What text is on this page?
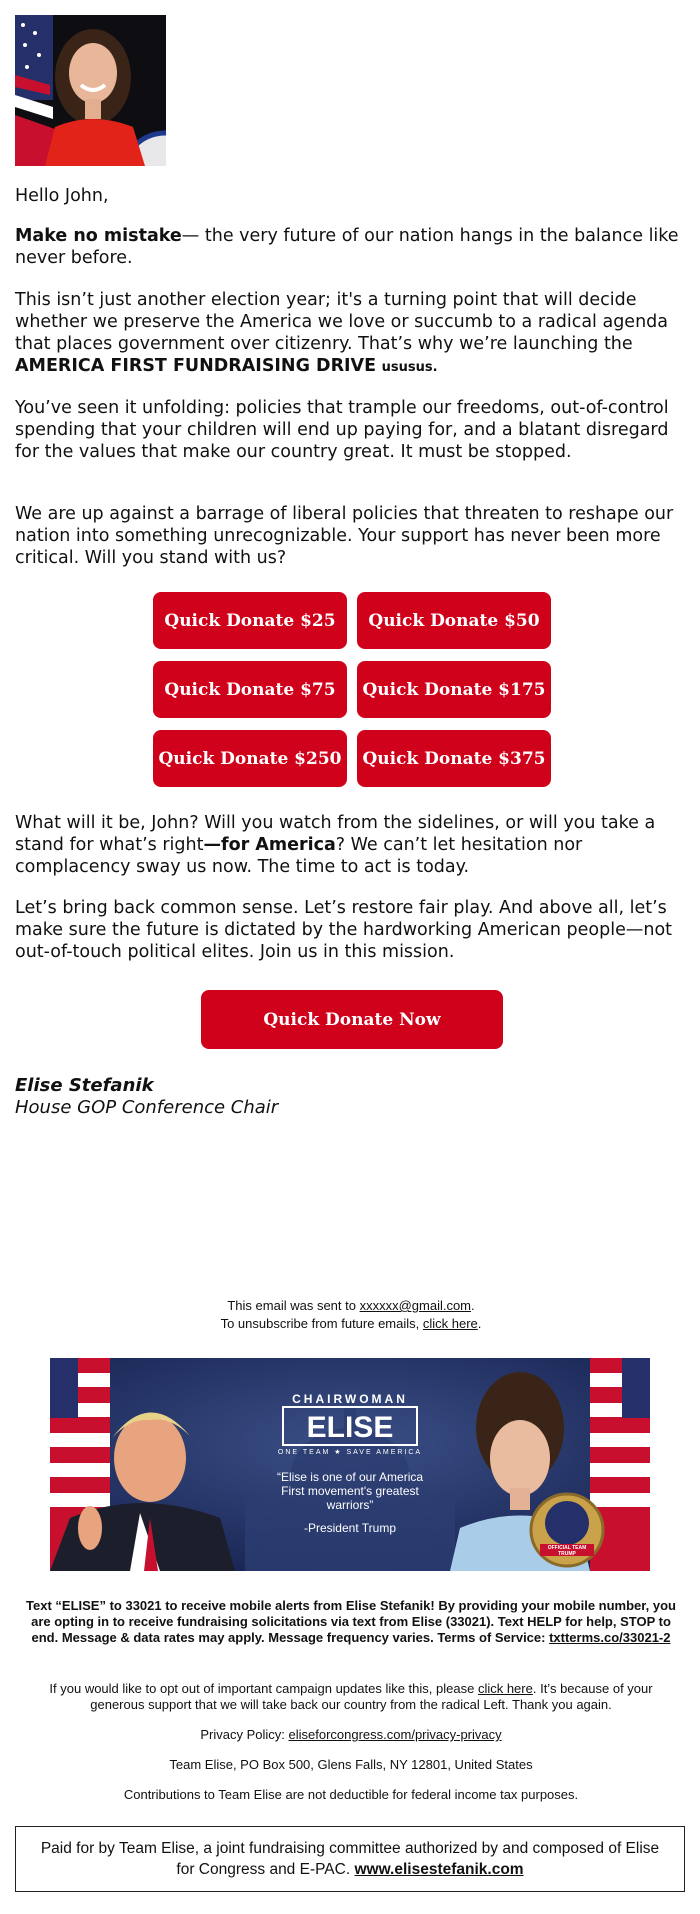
Hello John,
Make no mistake— the very future of our nation hangs in the balance like never before.
This isn’t just another election year; it's a turning point that will decide whether we preserve the America we love or succumb to a radical agenda that places government over citizenry. That’s why we’re launching the AMERICA FIRST FUNDRAISING DRIVE ususus.
You’ve seen it unfolding: policies that trample our freedoms, out-of-control spending that your children will end up paying for, and a blatant disregard for the values that make our country great. It must be stopped.
We are up against a barrage of liberal policies that threaten to reshape our nation into something unrecognizable. Your support has never been more critical. Will you stand with us?
Quick Donate $25	Quick Donate $50
Quick Donate $75	Quick Donate $175
Quick Donate $250	Quick Donate $375
What will it be, John? Will you watch from the sidelines, or will you take a stand for what’s right—for America? We can’t let hesitation nor complacency sway us now. The time to act is today.
Let’s bring back common sense. Let’s restore fair play. And above all, let’s make sure the future is dictated by the hardworking American people—not out-of-touch political elites. Join us in this mission.
Quick Donate Now
Elise Stefanik
House GOP Conference Chair
This email was sent to xxxxxx@gmail.com.
To unsubscribe from future emails, click here.
CHAIRWOMAN
ELISE
ONE TEAM ★ SAVE AMERICA
“Elise is one of our America First movement's greatest warriors”
-President Trump
OFFICIAL TEAM TRUMP
Text “ELISE” to 33021 to receive mobile alerts from Elise Stefanik! By providing your mobile number, you are opting in to receive fundraising solicitations via text from Elise (33021). Text HELP for help, STOP to end. Message & data rates may apply. Message frequency varies. Terms of Service: txtterms.co/33021-2
If you would like to opt out of important campaign updates like this, please click here. It’s because of your generous support that we will take back our country from the radical Left. Thank you again.
Privacy Policy: eliseforcongress.com/privacy-privacy
Team Elise, PO Box 500, Glens Falls, NY 12801, United States
Contributions to Team Elise are not deductible for federal income tax purposes.
Paid for by Team Elise, a joint fundraising committee authorized by and composed of Elise for Congress and E-PAC. www.elisestefanik.com
